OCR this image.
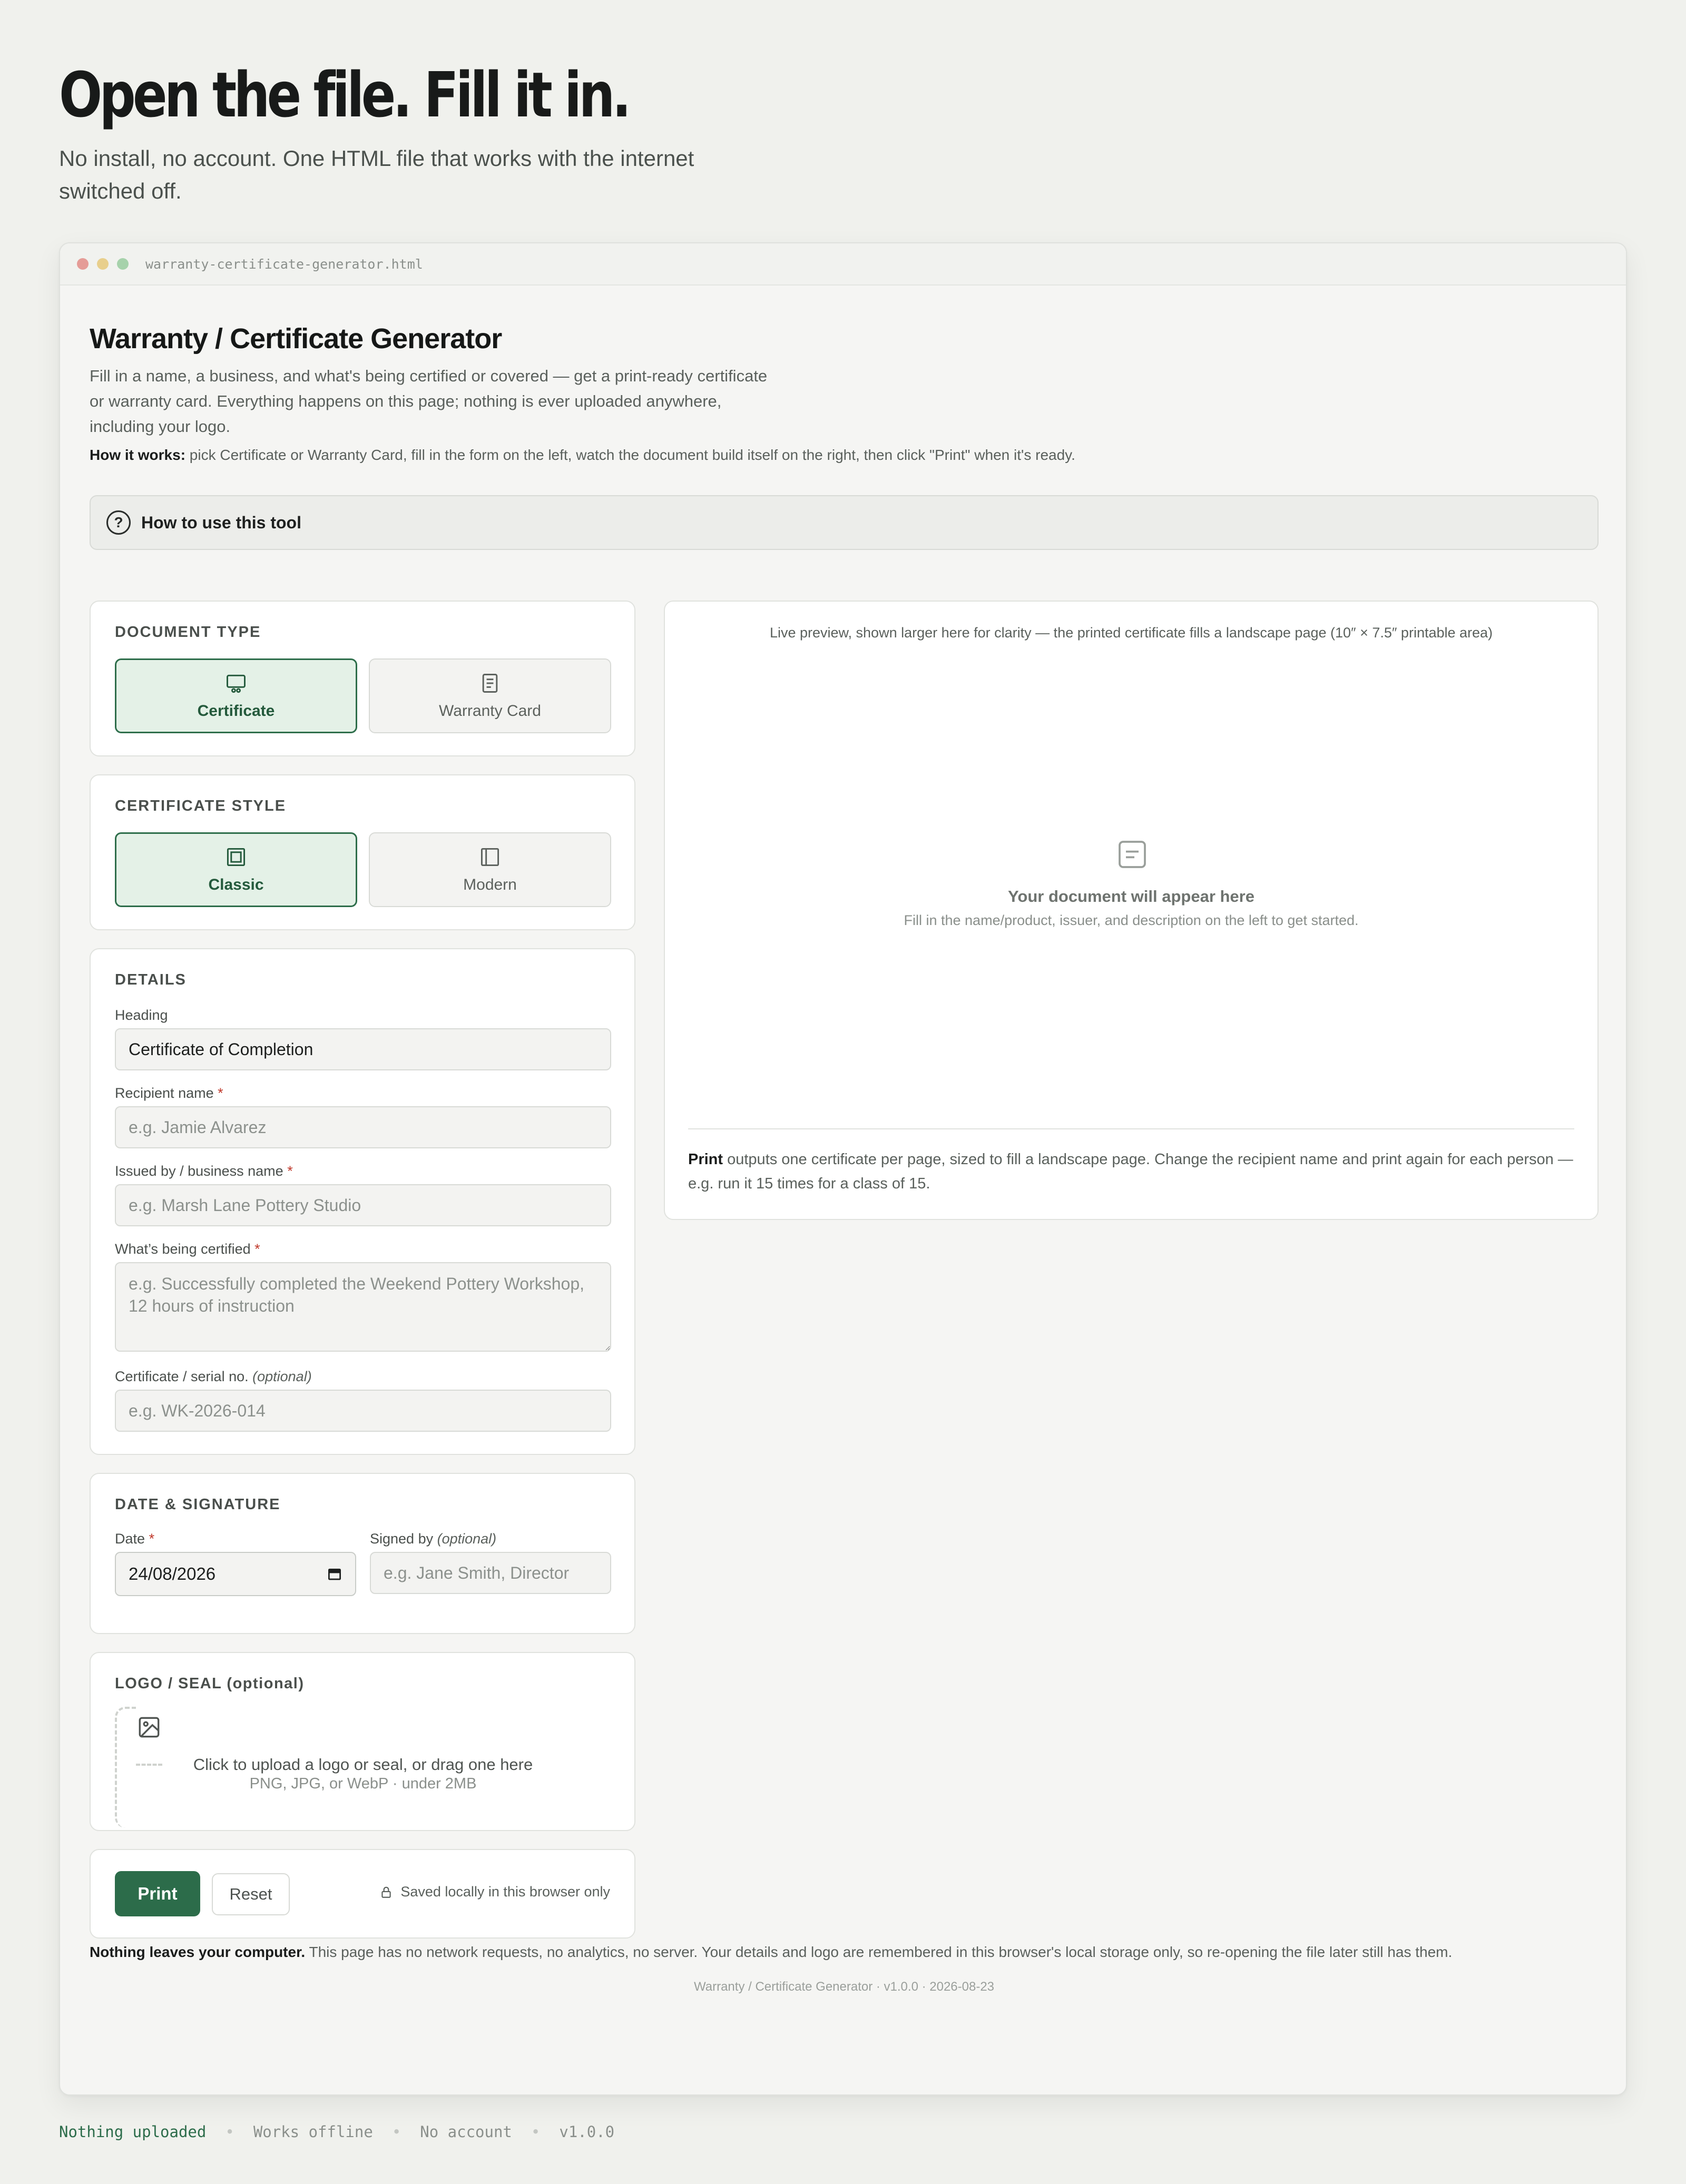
Open the file. Fill it in.
No install, no account. One HTML file that works with the internet switched off.
warranty-certificate-generator.html
Warranty / Certificate Generator
Fill in a name, a business, and what's being certified or covered — get a print-ready certificate or warranty card. Everything happens on this page; nothing is ever uploaded anywhere, including your logo.
How it works: pick Certificate or Warranty Card, fill in the form on the left, watch the document build itself on the right, then click "Print" when it's ready.
?	How to use this tool
DOCUMENT TYPE
Certificate	Warranty Card
CERTIFICATE STYLE
Classic	Modern
DETAILS
Heading
Certificate of Completion
Recipient name *
e.g. Jamie Alvarez
Issued by / business name *
e.g. Marsh Lane Pottery Studio
What’s being certified *
e.g. Successfully completed the Weekend Pottery Workshop, 12 hours of instruction
Certificate / serial no. (optional)
e.g. WK-2026-014
DATE & SIGNATURE
Date *
24/08/2026
Signed by (optional)
e.g. Jane Smith, Director
LOGO / SEAL (optional)
Click to upload a logo or seal, or drag one here
PNG, JPG, or WebP · under 2MB
Print	Reset	Saved locally in this browser only
Live preview, shown larger here for clarity — the printed certificate fills a landscape page (10″ × 7.5″ printable area)
Your document will appear here
Fill in the name/product, issuer, and description on the left to get started.
Print outputs one certificate per page, sized to fill a landscape page. Change the recipient name and print again for each person — e.g. run it 15 times for a class of 15.
Nothing leaves your computer. This page has no network requests, no analytics, no server. Your details and logo are remembered in this browser's local storage only, so re-opening the file later still has them.
Warranty / Certificate Generator · v1.0.0 · 2026-08-23
Nothing uploaded • Works offline • No account • v1.0.0
